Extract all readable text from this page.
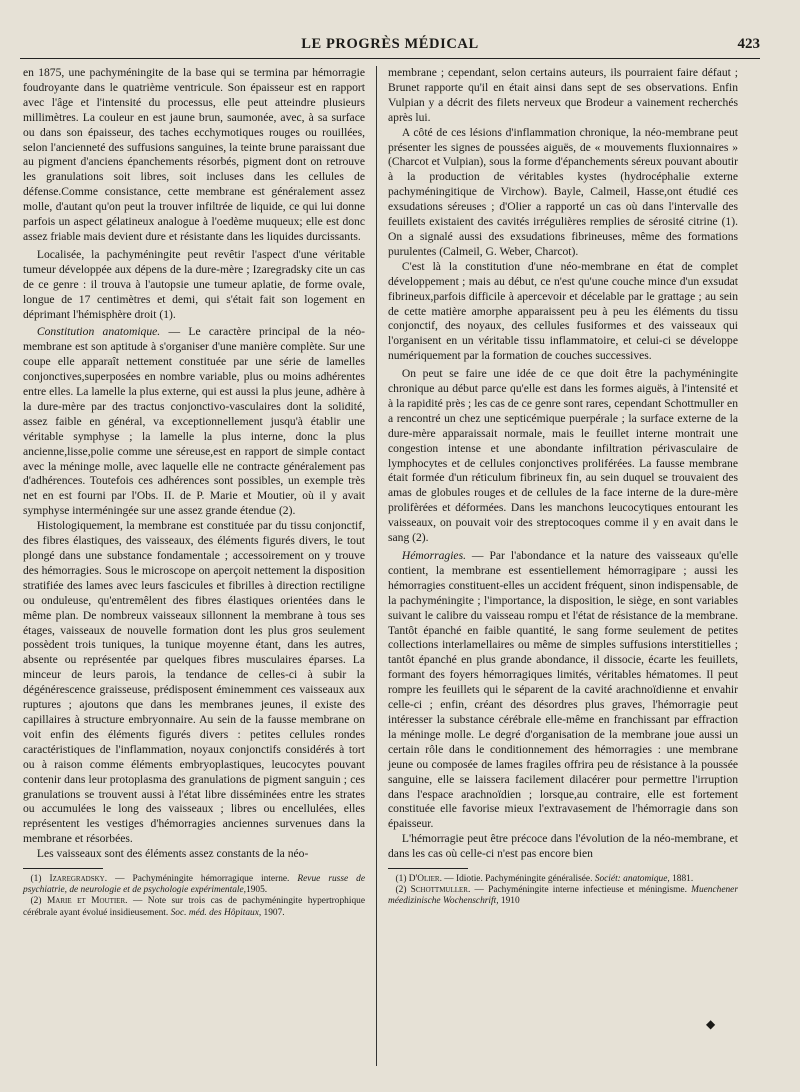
LE PROGRÈS MÉDICAL	423

en 1875, une pachyméningite de la base qui se termina par hémorragie foudroyante dans le quatrième ventricule. Son épaisseur est en rapport avec l'âge et l'intensité du processus, elle peut atteindre plusieurs millimètres. La couleur en est jaune brun, saumonée, avec, à sa surface ou dans son épaisseur, des taches ecchymotiques rouges ou rouillées, selon l'ancienneté des suffusions sanguines, la teinte brune paraissant due au pigment d'anciens épanchements résorbés, pigment dont on retrouve les granulations soit libres, soit incluses dans les cellules de défense.Comme consistance, cette membrane est généralement assez molle, d'autant qu'on peut la trouver infiltrée de liquide, ce qui lui donne parfois un aspect gélatineux analogue à l'oedème muqueux; elle est donc assez friable mais devient dure et résistante dans les liquides durcissants.

Localisée, la pachyméningite peut revêtir l'aspect d'une véritable tumeur développée aux dépens de la dure-mère ; Izaregradsky cite un cas de ce genre : il trouva à l'autopsie une tumeur aplatie, de forme ovale, longue de 17 centimètres et demi, qui s'était fait son logement en déprimant l'hémisphère droit (1).

Constitution anatomique. — Le caractère principal de la néo-membrane est son aptitude à s'organiser d'une manière complète. Sur une coupe elle apparaît nettement constituée par une série de lamelles conjonctives,superposées en nombre variable, plus ou moins adhérentes entre elles. La lamelle la plus externe, qui est aussi la plus jeune, adhère à la dure-mère par des tractus conjonctivo-vasculaires dont la solidité, assez faible en général, va exceptionnellement jusqu'à établir une véritable symphyse ; la lamelle la plus interne, donc la plus ancienne,lisse,polie comme une séreuse,est en rapport de simple contact avec la méninge molle, avec laquelle elle ne contracte généralement pas d'adhérences. Toutefois ces adhérences sont possibles, un exemple très net en est fourni par l'Obs. II. de P. Marie et Moutier, où il y avait symphyse interméningée sur une assez grande étendue (2).

Histologiquement, la membrane est constituée par du tissu conjonctif, des fibres élastiques, des vaisseaux, des éléments figurés divers, le tout plongé dans une substance fondamentale ; accessoirement on y trouve des hémorragies. Sous le microscope on aperçoit nettement la disposition stratifiée des lames avec leurs fascicules et fibrilles à direction rectiligne ou onduleuse, qu'entremêlent des fibres élastiques orientées dans le même plan. De nombreux vaisseaux sillonnent la membrane à tous ses étages, vaisseaux de nouvelle formation dont les plus gros seulement possèdent trois tuniques, la tunique moyenne étant, dans les autres, absente ou représentée par quelques fibres musculaires éparses. La minceur de leurs parois, la tendance de celles-ci à subir la dégénérescence graisseuse, prédisposent éminemment ces vaisseaux aux ruptures ; ajoutons que dans les membranes jeunes, il existe des capillaires à structure embryonnaire. Au sein de la fausse membrane on voit enfin des éléments figurés divers : petites cellules rondes caractéristiques de l'inflammation, noyaux conjonctifs considérés à tort ou à raison comme éléments embryoplastiques, leucocytes pouvant contenir dans leur protoplasma des granulations de pigment sanguin ; ces granulations se trouvent aussi à l'état libre disséminées entre les strates ou accumulées le long des vaisseaux ; libres ou encellulées, elles représentent les vestiges d'hémorragies anciennes survenues dans la membrane et résorbées.

Les vaisseaux sont des éléments assez constants de la néo-

(1) Izaregradsky. — Pachyméningite hémorragique interne. Revue russe de psychiatrie, de neurologie et de psychologie expérimentale,1905.

(2) Marie et Moutier. — Note sur trois cas de pachyméningite hypertrophique cérébrale ayant évolué insidieusement. Soc. méd. des Hôpitaux, 1907.

membrane ; cependant, selon certains auteurs, ils pourraient faire défaut ; Brunet rapporte qu'il en était ainsi dans sept de ses observations. Enfin Vulpian y a décrit des filets nerveux que Brodeur a vainement recherchés après lui.

A côté de ces lésions d'inflammation chronique, la néo-membrane peut présenter les signes de poussées aiguës, de « mouvements fluxionnaires » (Charcot et Vulpian), sous la forme d'épanchements séreux pouvant aboutir à la production de véritables kystes (hydrocéphalie externe pachyméningitique de Virchow). Bayle, Calmeil, Hasse,ont étudié ces exsudations séreuses ; d'Olier a rapporté un cas où dans l'intervalle des feuillets existaient des cavités irrégulières remplies de sérosité citrine (1). On a signalé aussi des exsudations fibrineuses, même des formations purulentes (Calmeil, G. Weber, Charcot).

C'est là la constitution d'une néo-membrane en état de complet développement ; mais au début, ce n'est qu'une couche mince d'un exsudat fibrineux,parfois difficile à apercevoir et décelable par le grattage ; au sein de cette matière amorphe apparaissent peu à peu les éléments du tissu conjonctif, des noyaux, des cellules fusiformes et des vaisseaux qui l'organisent en un véritable tissu inflammatoire, et celui-ci se développe numériquement par la formation de couches successives.

On peut se faire une idée de ce que doit être la pachyméningite chronique au début parce qu'elle est dans les formes aiguës, à l'intensité et à la rapidité près ; les cas de ce genre sont rares, cependant Schottmuller en a rencontré un chez une septicémique puerpérale ; la surface externe de la dure-mère apparaissait normale, mais le feuillet interne montrait une congestion intense et une abondante infiltration périvasculaire de lymphocytes et de cellules conjonctives proliférées. La fausse membrane était formée d'un réticulum fibrineux fin, au sein duquel se trouvaient des amas de globules rouges et de cellules de la face interne de la dure-mère prolifèrées et déformées. Dans les manchons leucocytiques entourant les vaisseaux, on pouvait voir des streptocoques comme il y en avait dans le sang (2).

Hémorragies. — Par l'abondance et la nature des vaisseaux qu'elle contient, la membrane est essentiellement hémorragipare ; aussi les hémorragies constituent-elles un accident fréquent, sinon indispensable, de la pachyméningite ; l'importance, la disposition, le siège, en sont variables suivant le calibre du vaisseau rompu et l'état de résistance de la membrane. Tantôt épanché en faible quantité, le sang forme seulement de petites collections interlamellaires ou même de simples suffusions interstitielles ; tantôt épanché en plus grande abondance, il dissocie, écarte les feuillets, formant des foyers hémorragiques limités, véritables hématomes. Il peut rompre les feuillets qui le séparent de la cavité arachnoïdienne et envahir celle-ci ; enfin, créant des désordres plus graves, l'hémorragie peut intéresser la substance cérébrale elle-même en franchissant par effraction la méninge molle. Le degré d'organisation de la membrane joue aussi un certain rôle dans le conditionnement des hémorragies : une membrane jeune ou composée de lames fragiles offrira peu de résistance à la poussée sanguine, elle se laissera facilement dilacérer pour permettre l'irruption dans l'espace arachnoïdien ; lorsque,au contraire, elle est fortement constituée elle favorise mieux l'extravasement de l'hémorragie dans son épaisseur.

L'hémorragie peut être précoce dans l'évolution de la néo-membrane, et dans les cas où celle-ci n'est pas encore bien

(1) D'Olier. — Idiotie. Pachyméningite généralisée. Sociét: anatomique, 1881.

(2) Schottmuller. — Pachyméningite interne infectieuse et méningisme. Muenchener méedizinische Wochenschrift, 1910

◆
